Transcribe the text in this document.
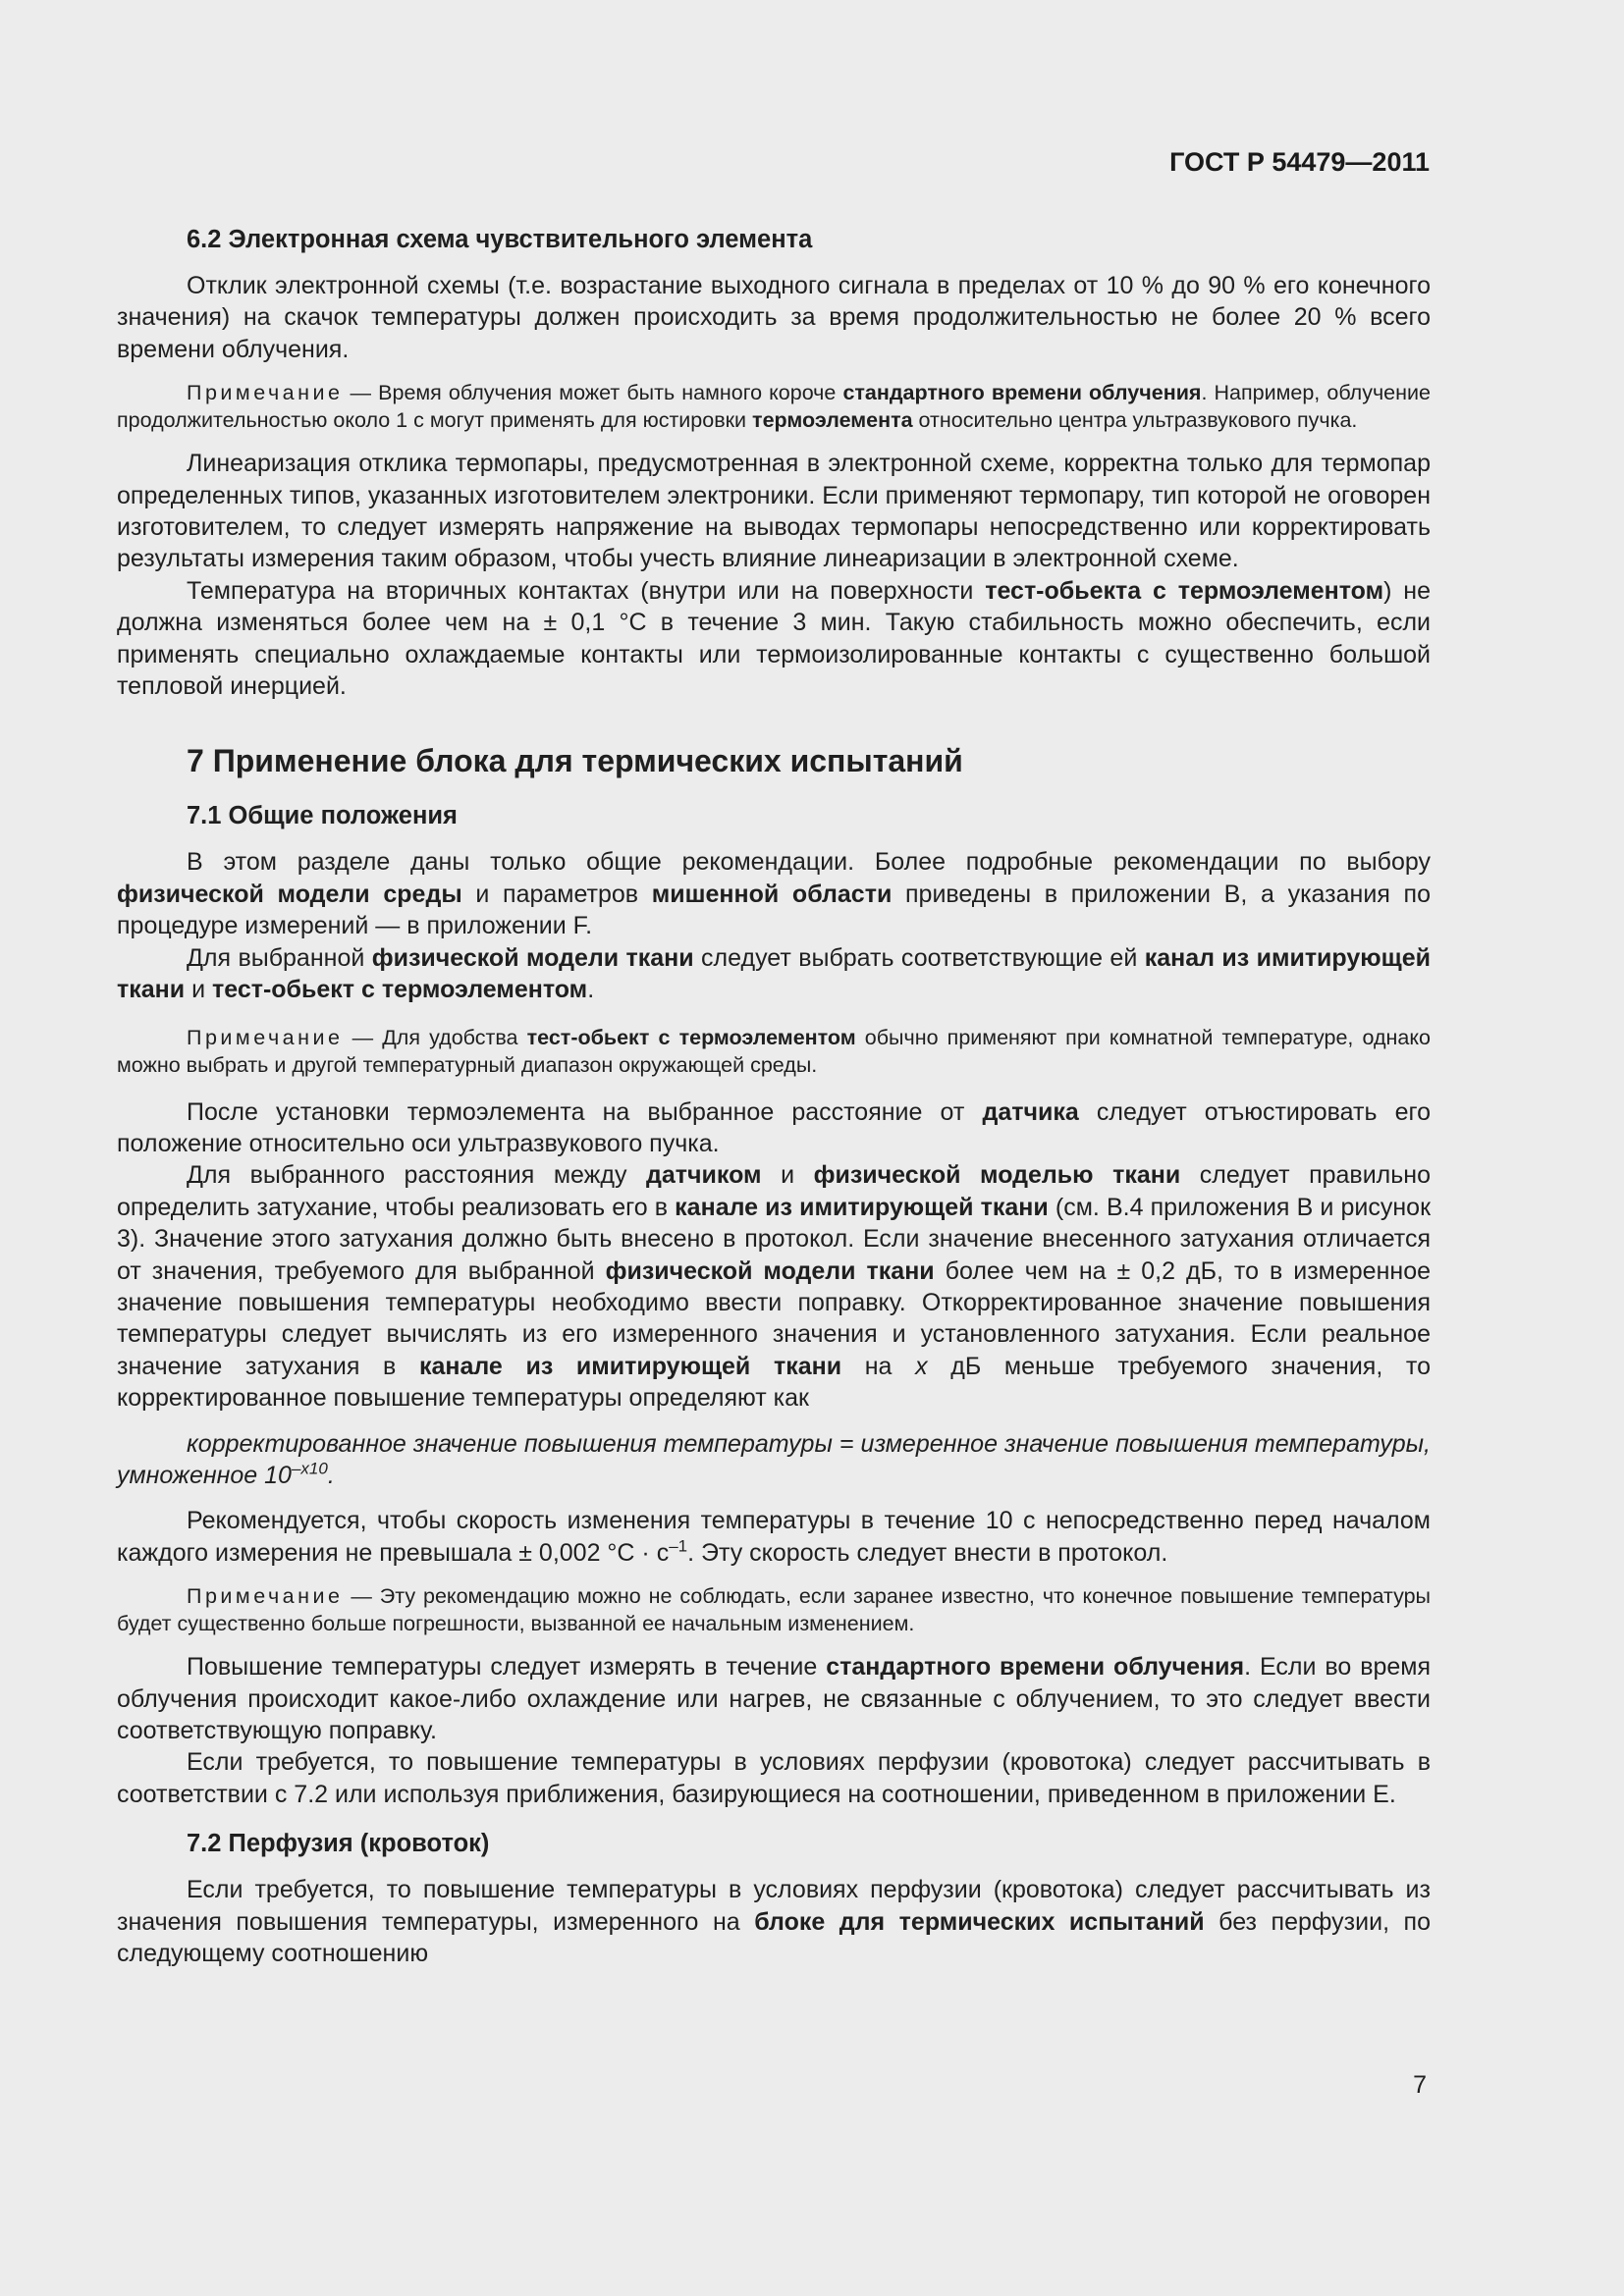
ГОСТ Р 54479—2011
6.2 Электронная схема чувствительного элемента

Отклик электронной схемы (т.е. возрастание выходного сигнала в пределах от 10 % до 90 % его конечного значения) на скачок температуры должен происходить за время продолжительностью не более 20 % всего времени облучения.

Примечание — Время облучения может быть намного короче стандартного времени облучения. Например, облучение продолжительностью около 1 с могут применять для юстировки термоэлемента относительно центра ультразвукового пучка.

Линеаризация отклика термопары, предусмотренная в электронной схеме, корректна только для термопар определенных типов, указанных изготовителем электроники. Если применяют термопару, тип которой не оговорен изготовителем, то следует измерять напряжение на выводах термопары непосредственно или корректировать результаты измерения таким образом, чтобы учесть влияние линеаризации в электронной схеме.

Температура на вторичных контактах (внутри или на поверхности тест-обьекта с термоэлементом) не должна изменяться более чем на ± 0,1 °С в течение 3 мин. Такую стабильность можно обеспечить, если применять специально охлаждаемые контакты или термоизолированные контакты с существенно большой тепловой инерцией.

7 Применение блока для термических испытаний
7.1 Общие положения

В этом разделе даны только общие рекомендации. Более подробные рекомендации по выбору физической модели среды и параметров мишенной области приведены в приложении В, а указания по процедуре измерений — в приложении F.

Для выбранной физической модели ткани следует выбрать соответствующие ей канал из имитирующей ткани и тест-обьект с термоэлементом.

Примечание — Для удобства тест-обьект с термоэлементом обычно применяют при комнатной температуре, однако можно выбрать и другой температурный диапазон окружающей среды.

После установки термоэлемента на выбранное расстояние от датчика следует отъюстировать его положение относительно оси ультразвукового пучка.

Для выбранного расстояния между датчиком и физической моделью ткани следует правильно определить затухание, чтобы реализовать его в канале из имитирующей ткани (см. В.4 приложения В и рисунок 3). Значение этого затухания должно быть внесено в протокол. Если значение внесенного затухания отличается от значения, требуемого для выбранной физической модели ткани более чем на ± 0,2 дБ, то в измеренное значение повышения температуры необходимо ввести поправку. Откорректированное значение повышения температуры следует вычислять из его измеренного значения и установленного затухания. Если реальное значение затухания в канале из имитирующей ткани на x дБ меньше требуемого значения, то корректированное повышение температуры определяют как

корректированное значение повышения температуры = измеренное значение повышения температуры, умноженное $10^{-x10}$.

Рекомендуется, чтобы скорость изменения температуры в течение 10 с непосредственно перед началом каждого измерения не превышала ± 0,002 $^\circ С \cdot с^{-1}$. Эту скорость следует внести в протокол.

Примечание — Эту рекомендацию можно не соблюдать, если заранее известно, что конечное повышение температуры будет существенно больше погрешности, вызванной ее начальным изменением.

Повышение температуры следует измерять в течение стандартного времени облучения. Если во время облучения происходит какое-либо охлаждение или нагрев, не связанные с облучением, то это следует ввести соответствующую поправку.

Если требуется, то повышение температуры в условиях перфузии (кровотока) следует рассчитывать в соответствии с 7.2 или используя приближения, базирующиеся на соотношении, приведенном в приложении Е.

7.2 Перфузия (кровоток)

Если требуется, то повышение температуры в условиях перфузии (кровотока) следует рассчитывать из значения повышения температуры, измеренного на блоке для термических испытаний без перфузии, по следующему соотношению

7
